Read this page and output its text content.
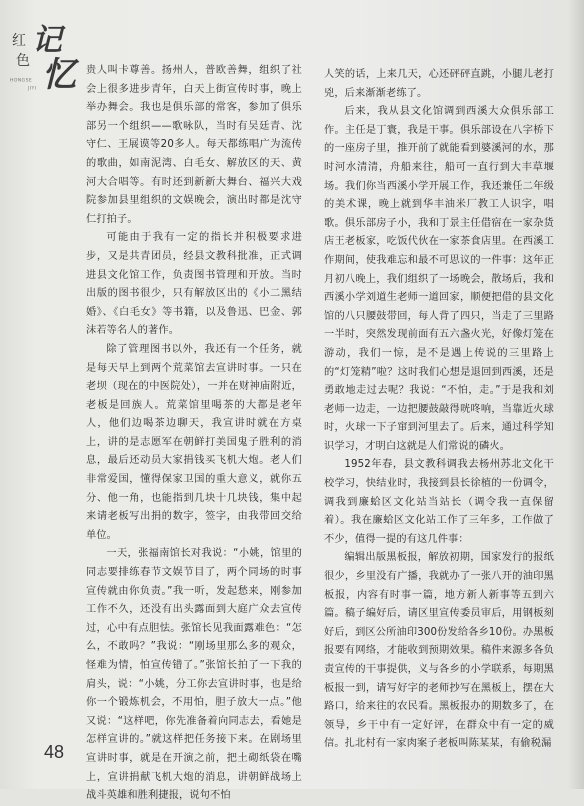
红
色
记
忆
HONGSE
JIYI

贵人叫卡尊善。扬州人，普欧善舞，组织了社会上很多进步青年，白天上街宣传时事，晚上举办舞会。我也是俱乐部的常客，参加了俱乐部另一个组织——歌咏队，当时有吴廷青、沈守仁、王展谟等20多人。每天都练唱广为流传的歌曲，如南泥湾、白毛女、解放区的天、黄河大合唱等。有时还到新新大舞台、福兴大戏院参加县里组织的文娱晚会，演出时都是沈守仁打拍子。

可能由于我有一定的指长并积极要求进步，又是共青团员，经县文教科批准，正式调进县文化馆工作，负责图书管理和开放。当时出版的图书很少，只有解放区出的《小二黑结婚》、《白毛女》等书籍，以及鲁迅、巴金、郭沫若等名人的著作。

除了管理图书以外，我还有一个任务，就是每天早上到两个荒菜馆去宣讲时事。一只在老坝（现在的中医院处），一并在财神庙附近，老板是回族人。荒菜馆里喝茶的大都是老年人，他们边喝茶边聊天，我宣讲时就在方桌上，讲的是志愿军在朝鲜打美国鬼子胜利的消息，最后还动员大家捐钱买飞机大炮。老人们非常爱国，懂得保家卫国的重大意义，就你五分、他一角，也能指到几块十几块钱，集中起来请老板写出捐的数字，签字，由我带回交给单位。

一天，张福南馆长对我说：“小姚，馆里的同志要排练春节文娱节目了，两个同场的时事宣传就由你负责。”我一听，发起愁来，刚参加工作不久，还没有出头露面到大庭广众去宣传过，心中有点胆怯。张馆长见我面露难色：“怎么，不敢吗？”我说：“刚场里那么多的观众，怪难为情，怕宣传错了。”张馆长拍了一下我的肩头，说：“小姚，分工你去宣讲时事，也是给你一个锻炼机会，不用怕，胆子放大一点。”他又说：“这样吧，你先准备着向同志去，看她是怎样宣讲的。”就这样把任务接下来。在剧场里宣讲时事，就是在开演之前，把土砌纸袋在嘴上，宣讲捐献飞机大炮的消息，讲朝鲜战场上战斗英雄和胜利捷报，说句不怕

人笑的话，上来几天，心还砰砰直跳，小腿儿老打兇，后来渐渐老练了。

后来，我从县文化馆调到西溪大众俱乐部工作。主任是丁寰，我是干事。俱乐部设在八字桥下的一座房子里，推开前了就能看到婆溪河的水，那时河水清清，舟船来往，船可一直行到大丰草堰场。我们你当西溪小学开展工作，我还兼任二年级的美术课，晚上就到华丰油米厂教工人识字，唱歌。俱乐部房子小，我和丁景主任借宿在一家杂货店王老板家，吃饭代伙在一家茶食店里。在西溪工作期间，使我难忘和最不可思议的一件事：这年正月初八晚上，我们组织了一场晚会，散场后，我和西溪小学刘道生老师一道回家，顺便把借的县文化馆的八只腰鼓带回，每人背了四只，当走了三里路一半时，突然发现前面有五六盏火光，好像灯笼在游动，我们一惊，是不是遇上传说的三里路上的“灯笼精”啦？这时我们心想是退回到西溪，还是勇敢地走过去呢？我说：“不怕，走。”于是我和刘老师一边走，一边把腰鼓敲得咣咚响，当靠近火球时，火球一下子窜到河里去了。后来，通过科学知识学习，才明白这就是人们常说的磷火。

1952年春，县文教科调我去杨州苏北文化干校学习，快结业时，我接到县长徐植的一份调令，调我到廉蛤区文化站当站长（调令我一直保留着）。我在廉蛤区文化站工作了三年多，工作做了不少，值得一提的有这几件事：

编辑出版黑板报，解放初期，国家发行的报纸很少，乡里没有广播，我就办了一张八开的油印黑板报，内容有时事一篇，地方新人新事等五到六篇。稿子编好后，请区里宣传委员审后，用钢板刻好后，到区公所油印300份发给各乡10份。办黑板报要有网络，才能收到预期效果。稿件来源多各负责宣传的干事提供，义与各乡的小学联系，每期黑板报一到，请写好字的老师抄写在黑板上，摆在大路口，给来往的农民看。黑板报办的期数多了，在领导，乡干中有一定好评，在群众中有一定的威信。扎北村有一家肉案子老板叫陈某某，有偷税漏

48
